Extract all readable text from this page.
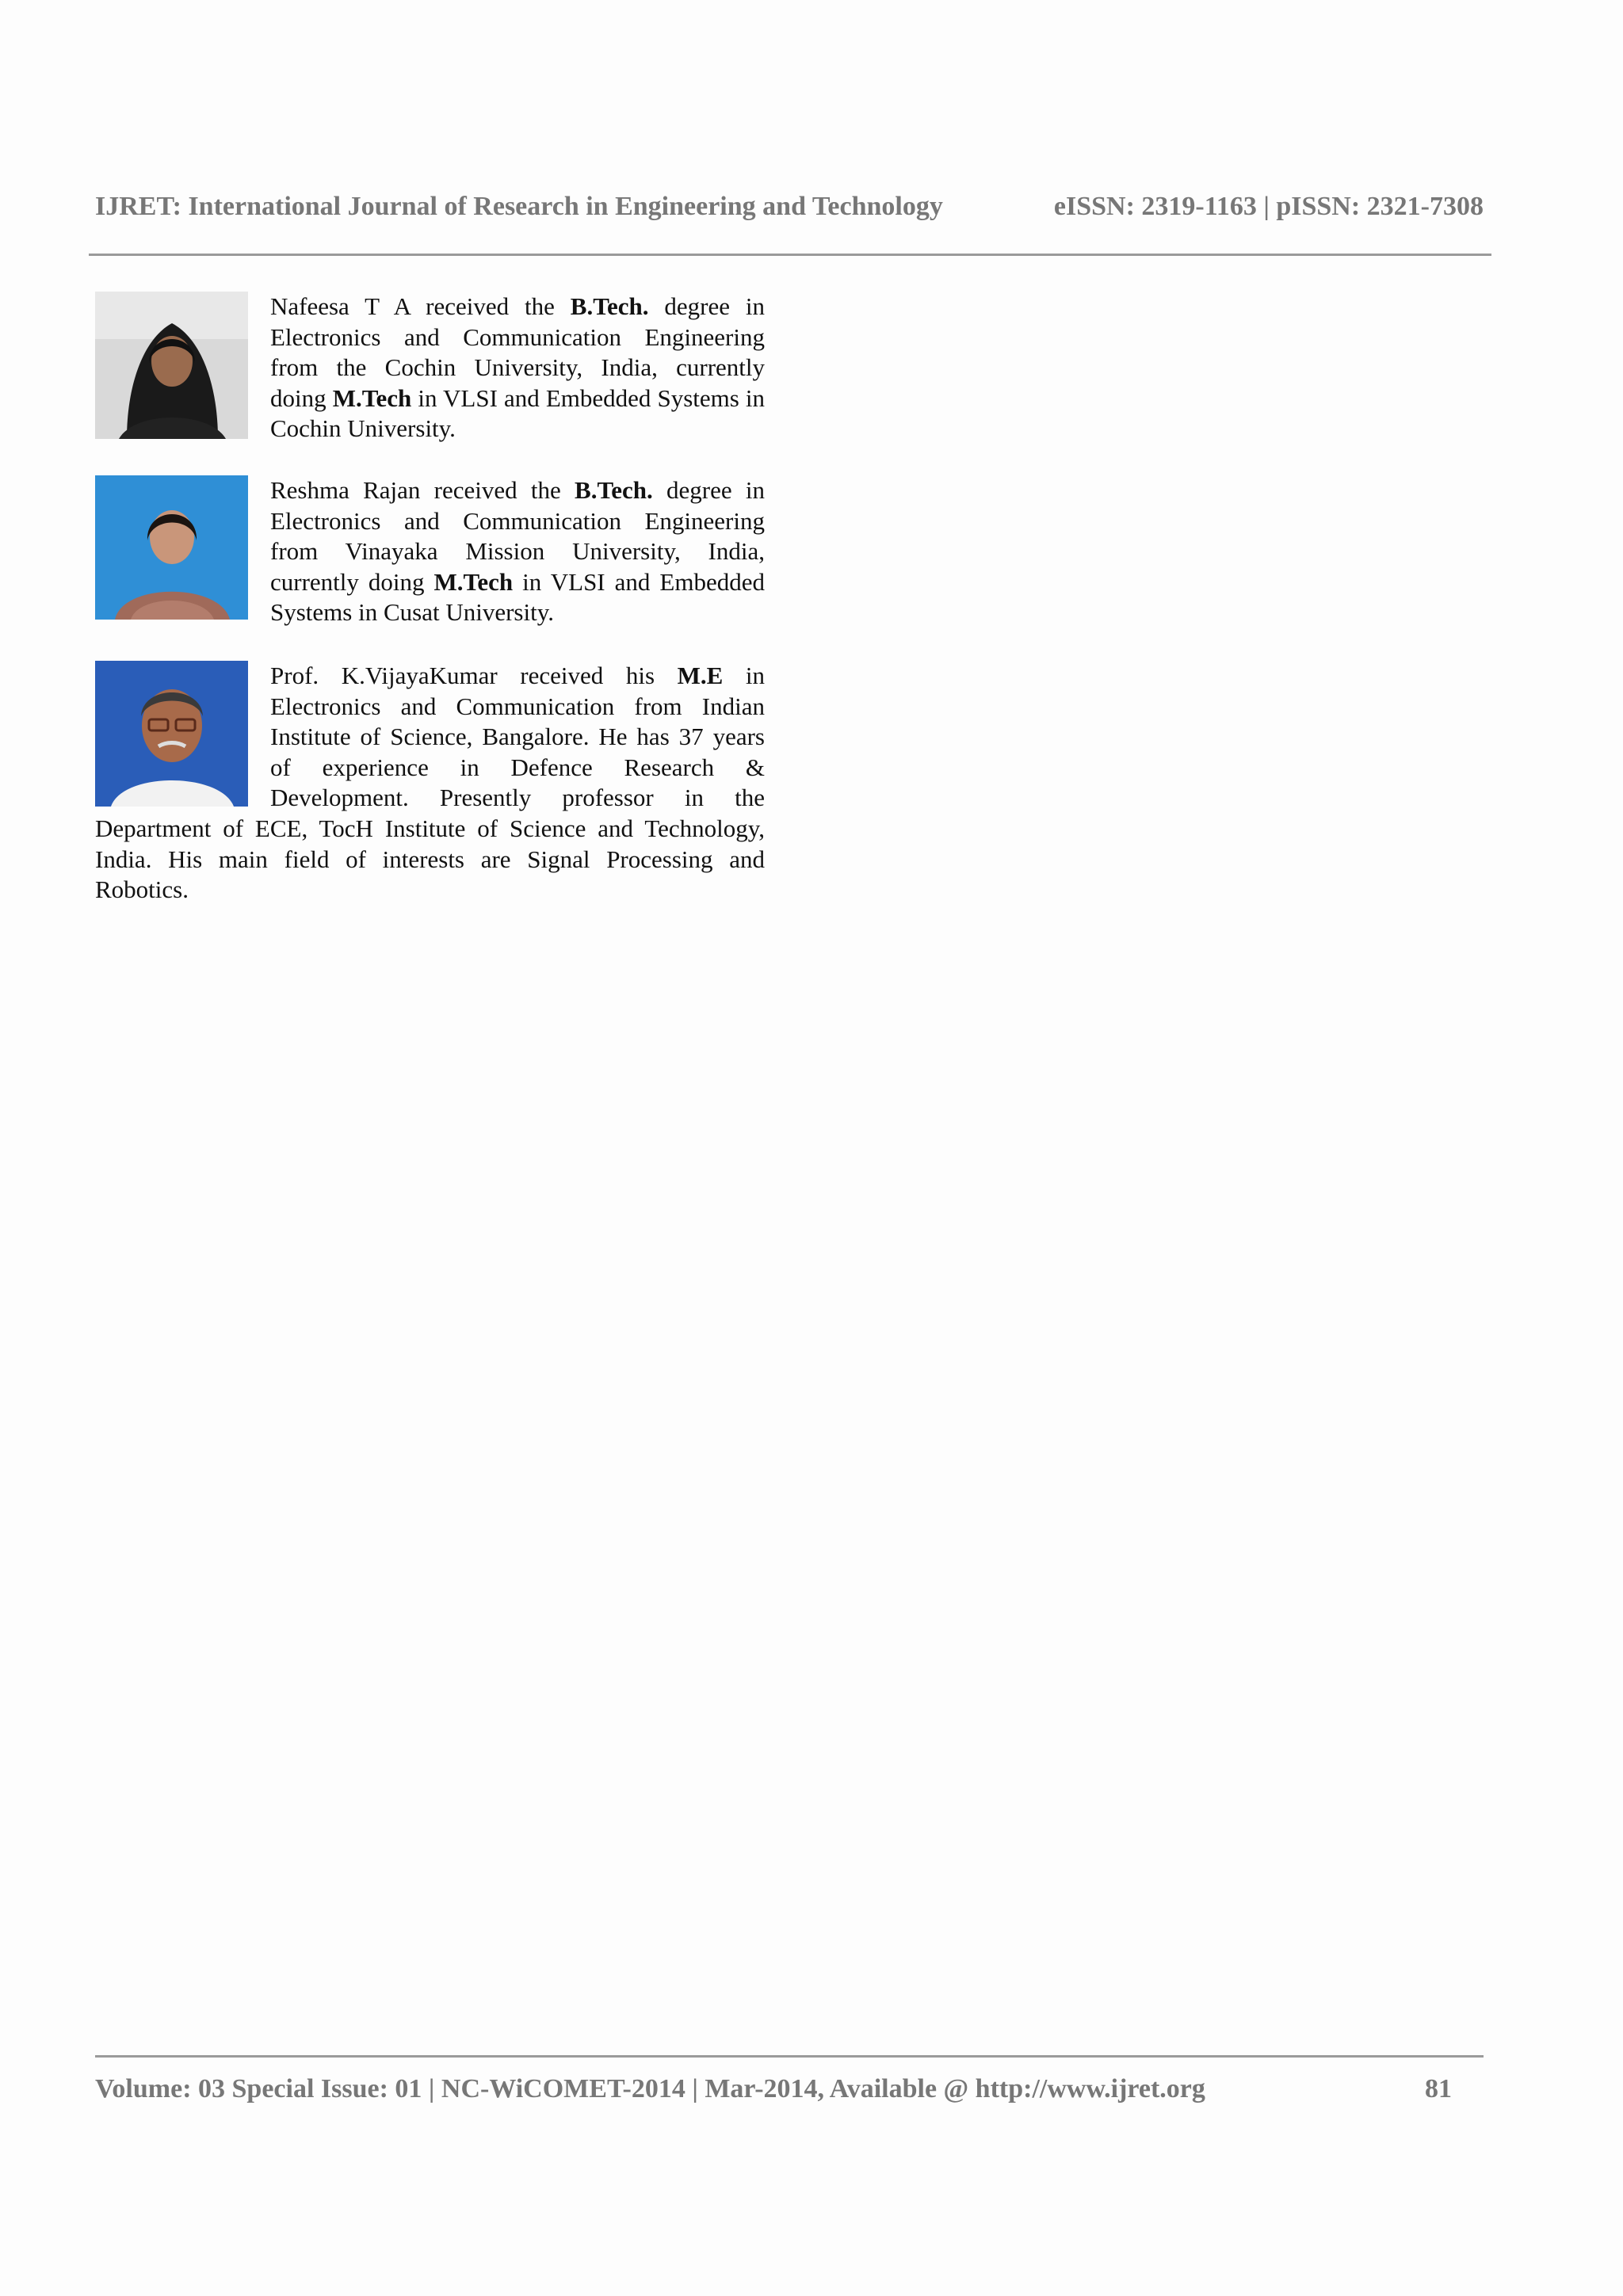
IJRET: International Journal of Research in Engineering and Technology	eISSN: 2319-1163 | pISSN: 2321-7308

Nafeesa T A received the B.Tech. degree in Electronics and Communication Engineering from the Cochin University, India, currently doing M.Tech in VLSI and Embedded Systems in Cochin University.

Reshma Rajan received the B.Tech. degree in Electronics and Communication Engineering from Vinayaka Mission University, India, currently doing M.Tech in VLSI and Embedded Systems in Cusat University.

Prof. K.VijayaKumar received his M.E in Electronics and Communication from Indian Institute of Science, Bangalore. He has 37 years of experience in Defence Research & Development. Presently professor in the Department of ECE, TocH Institute of Science and Technology, India. His main field of interests are Signal Processing and Robotics.

Volume: 03 Special Issue: 01 | NC-WiCOMET-2014 | Mar-2014, Available @ http://www.ijret.org	81
